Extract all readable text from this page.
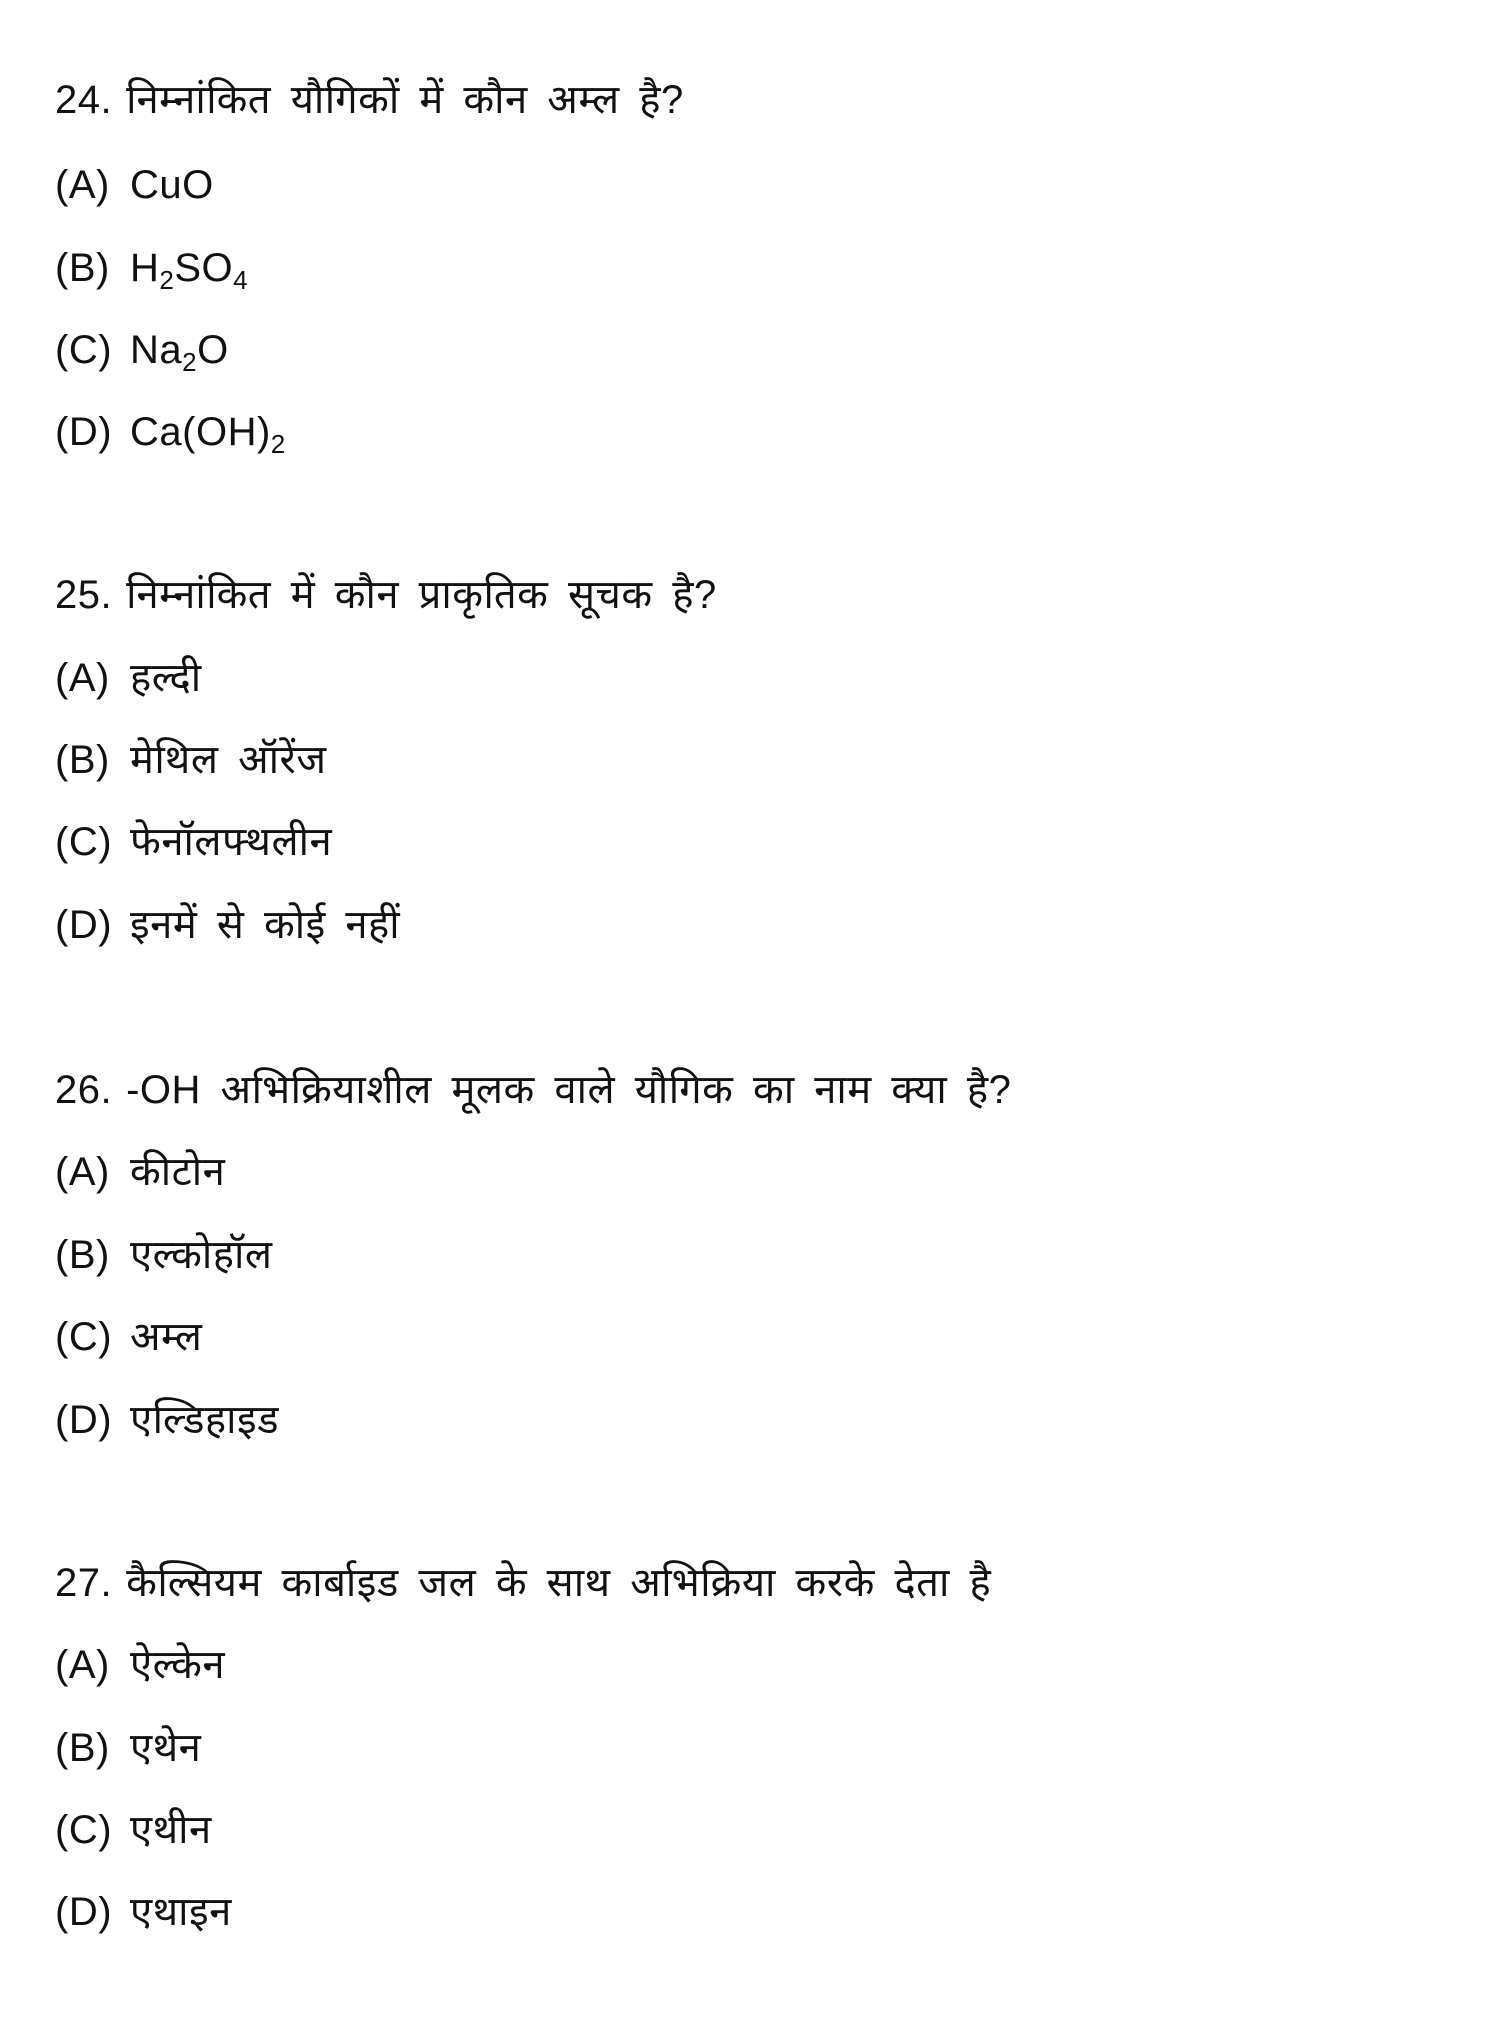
24. निम्नांकित यौगिकों में कौन अम्ल है?
(A) CuO
(B) $H_2SO_4$
(C) $Na_2O$
(D) $Ca(OH)_2$
25. निम्नांकित में कौन प्राकृतिक सूचक है?
(A) हल्दी
(B) मेथिल ऑरेंज
(C) फेनॉलफ्थलीन
(D) इनमें से कोई नहीं
26. -OH अभिक्रियाशील मूलक वाले यौगिक का नाम क्या है?
(A) कीटोन
(B) एल्कोहॉल
(C) अम्ल
(D) एल्डिहाइड
27. कैल्सियम कार्बाइड जल के साथ अभिक्रिया करके देता है
(A) ऐल्केन
(B) एथेन
(C) एथीन
(D) एथाइन
